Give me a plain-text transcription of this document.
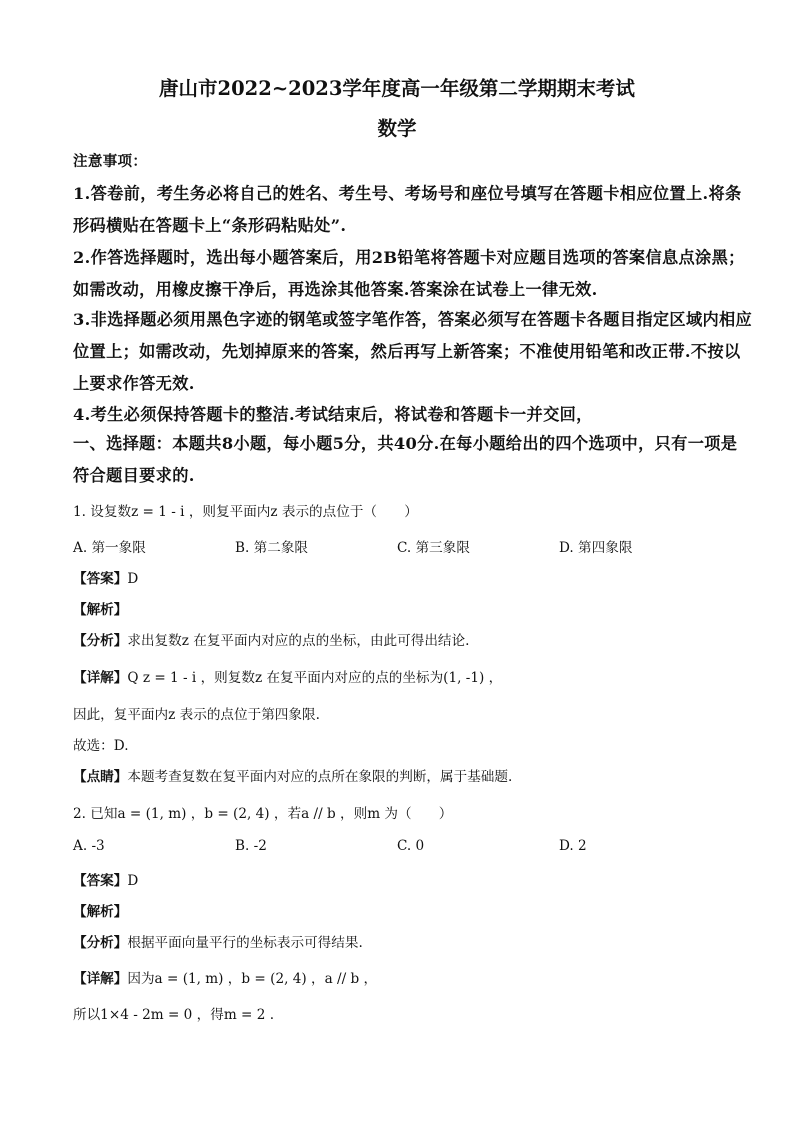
唐山市2022~2023学年度高一年级第二学期期末考试
数学
注意事项：
1.答卷前，考生务必将自己的姓名、考生号、考场号和座位号填写在答题卡相应位置上.将条
形码横贴在答题卡上“条形码粘贴处”.
2.作答选择题时，选出每小题答案后，用2B铅笔将答题卡对应题目选项的答案信息点涂黑；
如需改动，用橡皮擦干净后，再选涂其他答案.答案涂在试卷上一律无效.
3.非选择题必须用黑色字迹的钢笔或签字笔作答，答案必须写在答题卡各题目指定区域内相应
位置上；如需改动，先划掉原来的答案，然后再写上新答案；不准使用铅笔和改正带.不按以
上要求作答无效.
4.考生必须保持答题卡的整洁.考试结束后，将试卷和答题卡一并交回，
一、选择题：本题共8小题，每小题5分，共40分.在每小题给出的四个选项中，只有一项是
符合题目要求的.
1. 设复数z = 1 - i ，则复平面内z 表示的点位于（　　）
A. 第一象限	B. 第二象限	C. 第三象限	D. 第四象限
【答案】D
【解析】
【分析】求出复数z 在复平面内对应的点的坐标，由此可得出结论.
【详解】Q z = 1 - i ，则复数z 在复平面内对应的点的坐标为(1, -1) ，
因此，复平面内z 表示的点位于第四象限.
故选：D.
【点睛】本题考查复数在复平面内对应的点所在象限的判断，属于基础题.
2. 已知a = (1, m) ，b = (2, 4) ，若a // b ，则m 为（　　）
A. -3	B. -2	C. 0	D. 2
【答案】D
【解析】
【分析】根据平面向量平行的坐标表示可得结果.
【详解】因为a = (1, m) ，b = (2, 4) ，a // b ，
所以1×4 - 2m = 0 ，得m = 2 .
